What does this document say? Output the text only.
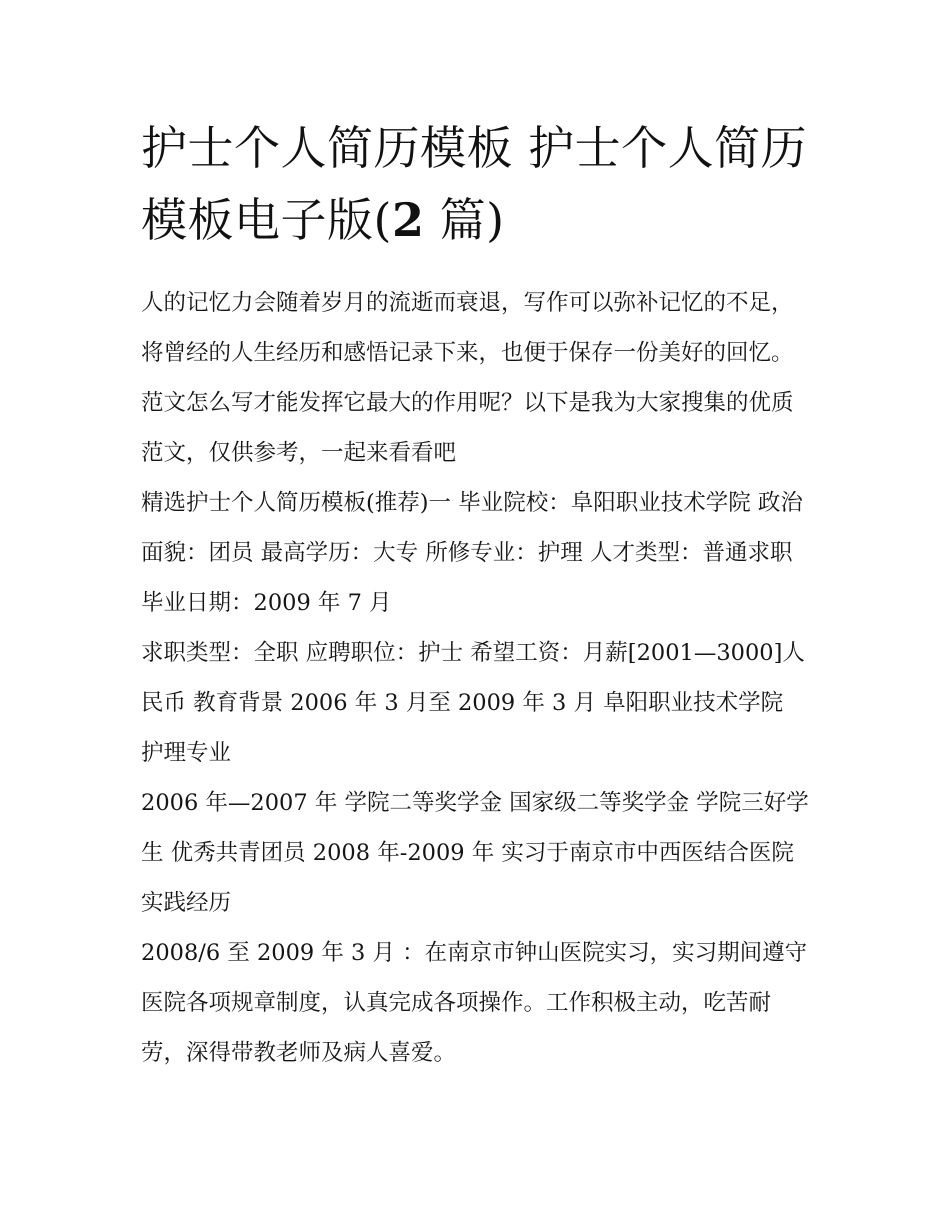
护士个人简历模板 护士个人简历模板电子版(2 篇)

人的记忆力会随着岁月的流逝而衰退，写作可以弥补记忆的不足，将曾经的人生经历和感悟记录下来，也便于保存一份美好的回忆。范文怎么写才能发挥它最大的作用呢？以下是我为大家搜集的优质范文，仅供参考，一起来看看吧

精选护士个人简历模板(推荐)一 毕业院校：阜阳职业技术学院 政治面貌：团员 最高学历：大专 所修专业：护理 人才类型：普通求职 毕业日期：2009 年 7 月

求职类型：全职 应聘职位：护士 希望工资：月薪[2001—3000]人民币 教育背景 2006 年 3 月至 2009 年 3 月 阜阳职业技术学院 护理专业

2006 年—2007 年 学院二等奖学金 国家级二等奖学金 学院三好学生 优秀共青团员 2008 年-2009 年 实习于南京市中西医结合医院实践经历

2008/6 至 2009 年 3 月 ：在南京市钟山医院实习，实习期间遵守医院各项规章制度，认真完成各项操作。工作积极主动，吃苦耐劳，深得带教老师及病人喜爱。
